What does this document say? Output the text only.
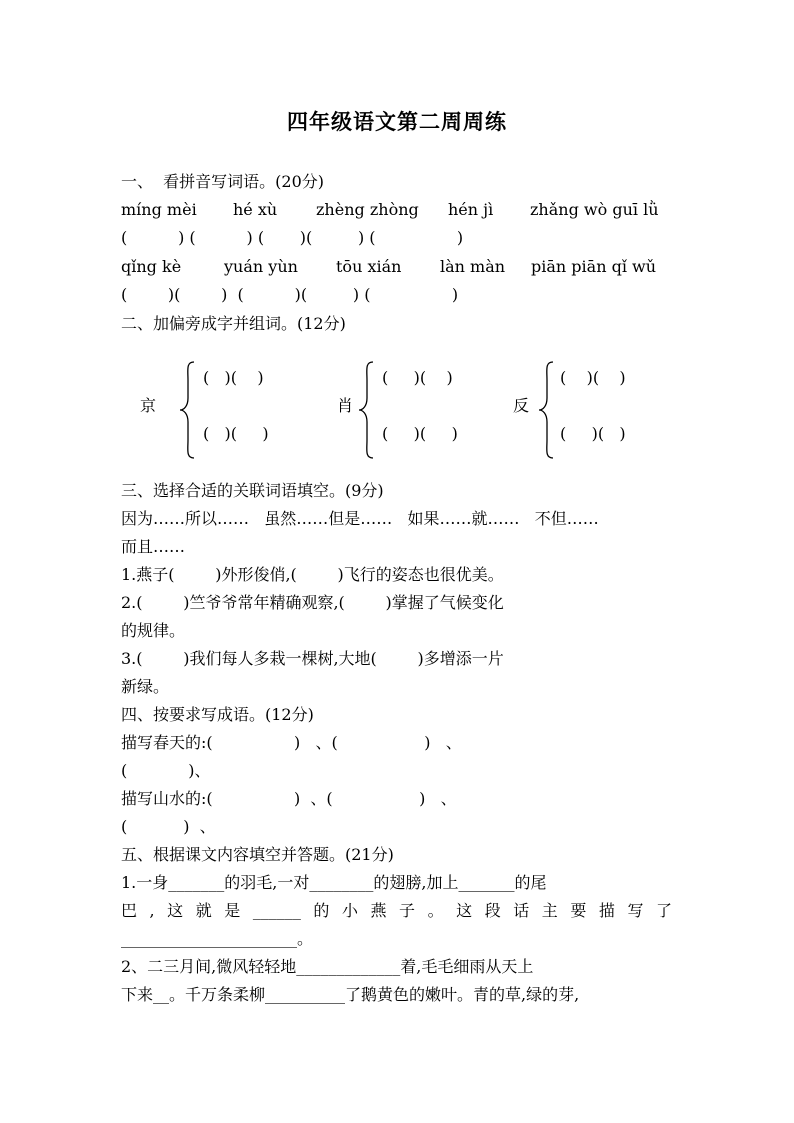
四年级语文第二周周练
一、  看拼音写词语。(20分)
míng mèi hé xù zhèng zhòng hén jì zhǎng wò guī lǜ
(          ) (          ) (       )(         ) (                )
qǐng kè	yuán yùn tōu xián làn màn piān piān qǐ wǔ
(        )(        )  (          )(         ) (                )
二、加偏旁成字并组词。(12分)
京
(   )(    )
(   )(     )
肖
(     )(    )
(     )(     )
反
(    )(    )
(     )(   )
三、选择合适的关联词语填空。(9分)
因为……所以……   虽然……但是……   如果……就……   不但……
而且……
1.燕子(        )外形俊俏,(        )飞行的姿态也很优美。
2.(        )竺爷爷常年精确观察,(        )掌握了气候变化
的规律。
3.(        )我们每人多栽一棵树,大地(        )多增添一片
新绿。
四、按要求写成语。(12分)
描写春天的:(                )   、(                 )   、
(            )、
描写山水的:(                )  、(                 )   、
(           )  、
五、根据课文内容填空并答题。(21分)
1.一身_______的羽毛,一对________的翅膀,加上_______的尾
巴,这就是______的小燕子。这段话主要描写了
______________________。
2、二三月间,微风轻轻地_____________着,毛毛细雨从天上
下来__。千万条柔柳__________了鹅黄色的嫩叶。青的草,绿的芽,
